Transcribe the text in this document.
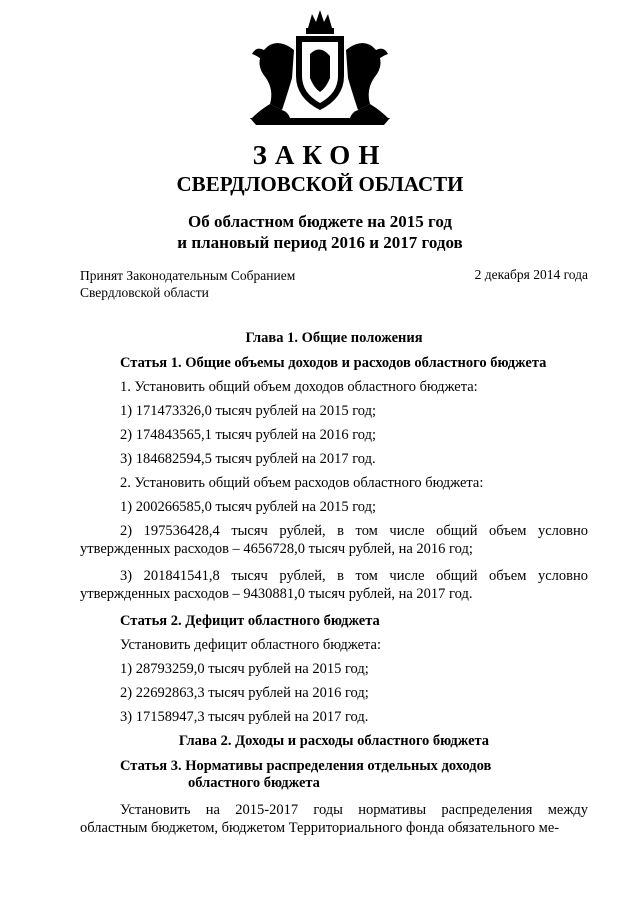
ЗАКОН
СВЕРДЛОВСКОЙ ОБЛАСТИ
Об областном бюджете на 2015 год
и плановый период 2016 и 2017 годов
Принят Законодательным Собранием
Свердловской области
2 декабря 2014 года

Глава 1. Общие положения

Статья 1. Общие объемы доходов и расходов областного бюджета

1. Установить общий объем доходов областного бюджета:

1) 171473326,0 тысяч рублей на 2015 год;

2) 174843565,1 тысяч рублей на 2016 год;

3) 184682594,5 тысяч рублей на 2017 год.

2. Установить общий объем расходов областного бюджета:

1) 200266585,0 тысяч рублей на 2015 год;

2) 197536428,4 тысяч рублей, в том числе общий объем условно утвержденных расходов – 4656728,0 тысяч рублей, на 2016 год;

3) 201841541,8 тысяч рублей, в том числе общий объем условно утвержденных расходов – 9430881,0 тысяч рублей, на 2017 год.

Статья 2. Дефицит областного бюджета

Установить дефицит областного бюджета:

1) 28793259,0 тысяч рублей на 2015 год;

2) 22692863,3 тысяч рублей на 2016 год;

3) 17158947,3 тысяч рублей на 2017 год.

Глава 2. Доходы и расходы областного бюджета

Статья 3. Нормативы распределения отдельных доходов
областного бюджета

Установить на 2015-2017 годы нормативы распределения между областным бюджетом, бюджетом Территориального фонда обязательного ме-
